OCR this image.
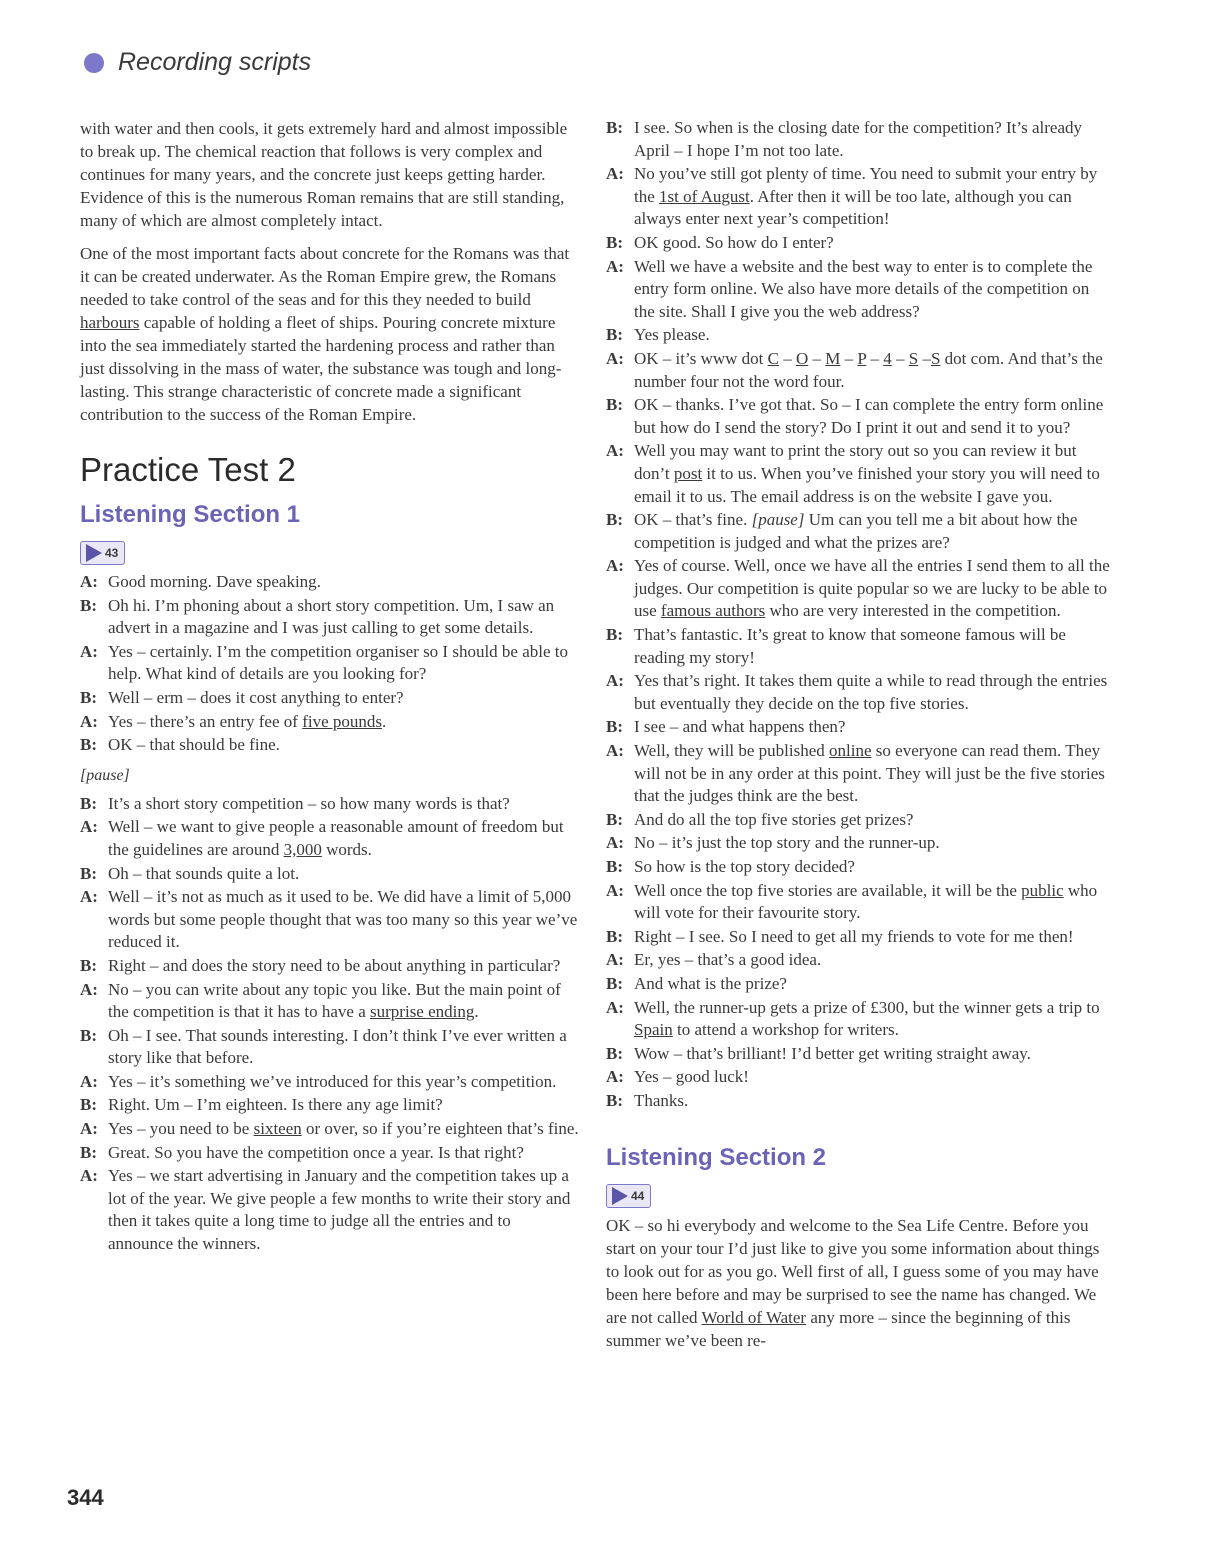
Recording scripts

with water and then cools, it gets extremely hard and almost impossible to break up. The chemical reaction that follows is very complex and continues for many years, and the concrete just keeps getting harder. Evidence of this is the numerous Roman remains that are still standing, many of which are almost completely intact.

One of the most important facts about concrete for the Romans was that it can be created underwater. As the Roman Empire grew, the Romans needed to take control of the seas and for this they needed to build harbours capable of holding a fleet of ships. Pouring concrete mixture into the sea immediately started the hardening process and rather than just dissolving in the mass of water, the substance was tough and long-lasting. This strange characteristic of concrete made a significant contribution to the success of the Roman Empire.

Practice Test 2
Listening Section 1
43
A: Good morning. Dave speaking.
B: Oh hi. I’m phoning about a short story competition. Um, I saw an advert in a magazine and I was just calling to get some details.
A: Yes – certainly. I’m the competition organiser so I should be able to help. What kind of details are you looking for?
B: Well – erm – does it cost anything to enter?
A: Yes – there’s an entry fee of five pounds.
B: OK – that should be fine.
[pause]
B: It’s a short story competition – so how many words is that?
A: Well – we want to give people a reasonable amount of freedom but the guidelines are around 3,000 words.
B: Oh – that sounds quite a lot.
A: Well – it’s not as much as it used to be. We did have a limit of 5,000 words but some people thought that was too many so this year we’ve reduced it.
B: Right – and does the story need to be about anything in particular?
A: No – you can write about any topic you like. But the main point of the competition is that it has to have a surprise ending.
B: Oh – I see. That sounds interesting. I don’t think I’ve ever written a story like that before.
A: Yes – it’s something we’ve introduced for this year’s competition.
B: Right. Um – I’m eighteen. Is there any age limit?
A: Yes – you need to be sixteen or over, so if you’re eighteen that’s fine.
B: Great. So you have the competition once a year. Is that right?
A: Yes – we start advertising in January and the competition takes up a lot of the year. We give people a few months to write their story and then it takes quite a long time to judge all the entries and to announce the winners.
B: I see. So when is the closing date for the competition? It’s already April – I hope I’m not too late.
A: No you’ve still got plenty of time. You need to submit your entry by the 1st of August. After then it will be too late, although you can always enter next year’s competition!
B: OK good. So how do I enter?
A: Well we have a website and the best way to enter is to complete the entry form online. We also have more details of the competition on the site. Shall I give you the web address?
B: Yes please.
A: OK – it’s www dot C – O – M – P – 4 – S –S dot com. And that’s the number four not the word four.
B: OK – thanks. I’ve got that. So – I can complete the entry form online but how do I send the story? Do I print it out and send it to you?
A: Well you may want to print the story out so you can review it but don’t post it to us. When you’ve finished your story you will need to email it to us. The email address is on the website I gave you.
B: OK – that’s fine. [pause] Um can you tell me a bit about how the competition is judged and what the prizes are?
A: Yes of course. Well, once we have all the entries I send them to all the judges. Our competition is quite popular so we are lucky to be able to use famous authors who are very interested in the competition.
B: That’s fantastic. It’s great to know that someone famous will be reading my story!
A: Yes that’s right. It takes them quite a while to read through the entries but eventually they decide on the top five stories.
B: I see – and what happens then?
A: Well, they will be published online so everyone can read them. They will not be in any order at this point. They will just be the five stories that the judges think are the best.
B: And do all the top five stories get prizes?
A: No – it’s just the top story and the runner-up.
B: So how is the top story decided?
A: Well once the top five stories are available, it will be the public who will vote for their favourite story.
B: Right – I see. So I need to get all my friends to vote for me then!
A: Er, yes – that’s a good idea.
B: And what is the prize?
A: Well, the runner-up gets a prize of £300, but the winner gets a trip to Spain to attend a workshop for writers.
B: Wow – that’s brilliant! I’d better get writing straight away.
A: Yes – good luck!
B: Thanks.
Listening Section 2
44

OK – so hi everybody and welcome to the Sea Life Centre. Before you start on your tour I’d just like to give you some information about things to look out for as you go. Well first of all, I guess some of you may have been here before and may be surprised to see the name has changed. We are not called World of Water any more – since the beginning of this summer we’ve been re-

344
